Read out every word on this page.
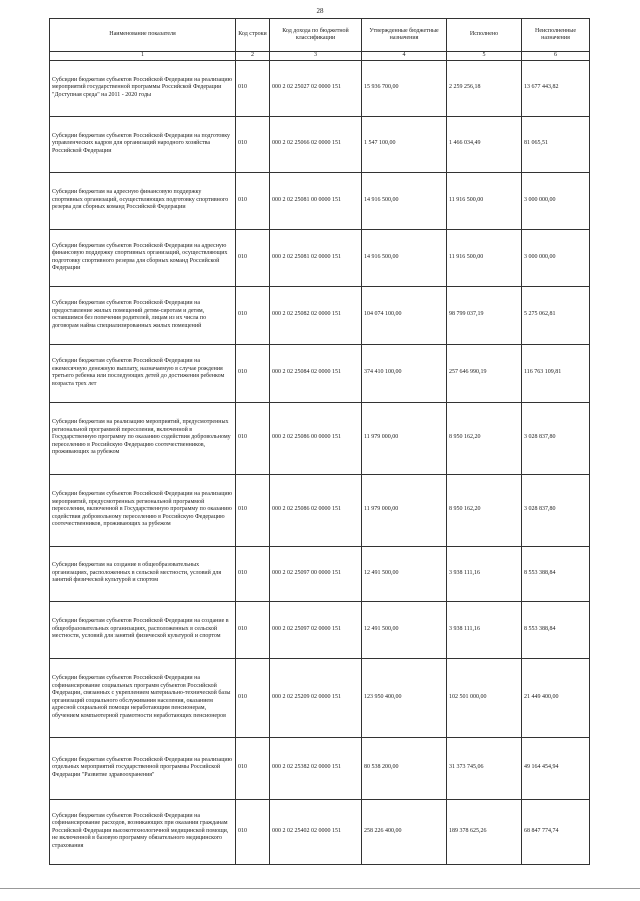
28
Наименование показателя	Код строки	Код дохода по бюджетной классификации	Утвержденные бюджетные назначения	Исполнено	Неисполненные назначения
1	2	3	4	5	6
Субсидии бюджетам субъектов Российской Федерации на реализацию мероприятий государственной программы Российской Федерации "Доступная среда" на 2011 - 2020 годы	010	000 2 02 25027 02 0000 151	15 936 700,00	2 259 256,18	13 677 443,82
Субсидии бюджетам субъектов Российской Федерации на подготовку управленческих кадров для организаций народного хозяйства Российской Федерации	010	000 2 02 25066 02 0000 151	1 547 100,00	1 466 034,49	81 065,51
Субсидии бюджетам на адресную финансовую поддержку спортивных организаций, осуществляющих подготовку спортивного резерва для сборных команд Российской Федерации	010	000 2 02 25081 00 0000 151	14 916 500,00	11 916 500,00	3 000 000,00
Субсидии бюджетам субъектов Российской Федерации на адресную финансовую поддержку спортивных организаций, осуществляющих подготовку спортивного резерва для сборных команд Российской Федерации	010	000 2 02 25081 02 0000 151	14 916 500,00	11 916 500,00	3 000 000,00
Субсидии бюджетам субъектов Российской Федерации на предоставление жилых помещений детям-сиротам и детям, оставшимся без попечения родителей, лицам из их числа по договорам найма специализированных жилых помещений	010	000 2 02 25082 02 0000 151	104 074 100,00	98 799 037,19	5 275 062,81
Субсидии бюджетам субъектов Российской Федерации на ежемесячную денежную выплату, назначаемую в случае рождения третьего ребенка или последующих детей до достижения ребенком возраста трех лет	010	000 2 02 25084 02 0000 151	374 410 100,00	257 646 990,19	116 763 109,81
Субсидии бюджетам на реализацию мероприятий, предусмотренных региональной программой переселения, включенной в Государственную программу по оказанию содействия добровольному переселению в Российскую Федерацию соотечественников, проживающих за рубежом	010	000 2 02 25086 00 0000 151	11 979 000,00	8 950 162,20	3 028 837,80
Субсидии бюджетам субъектов Российской Федерации на реализацию мероприятий, предусмотренных региональной программой переселения, включенной в Государственную программу по оказанию содействия добровольному переселению в Российскую Федерацию соотечественников, проживающих за рубежом	010	000 2 02 25086 02 0000 151	11 979 000,00	8 950 162,20	3 028 837,80
Субсидии бюджетам на создание в общеобразовательных организациях, расположенных в сельской местности, условий для занятий физической культурой и спортом	010	000 2 02 25097 00 0000 151	12 491 500,00	3 938 111,16	8 553 388,84
Субсидии бюджетам субъектов Российской Федерации на создание в общеобразовательных организациях, расположенных в сельской местности, условий для занятий физической культурой и спортом	010	000 2 02 25097 02 0000 151	12 491 500,00	3 938 111,16	8 553 388,84
Субсидии бюджетам субъектов Российской Федерации на софинансирование социальных программ субъектов Российской Федерации, связанных с укреплением материально-технической базы организаций социального обслуживания населения, оказанием адресной социальной помощи неработающим пенсионерам, обучением компьютерной грамотности неработающих пенсионеров	010	000 2 02 25209 02 0000 151	123 950 400,00	102 501 000,00	21 449 400,00
Субсидии бюджетам субъектов Российской Федерации на реализацию отдельных мероприятий государственной программы Российской Федерации "Развитие здравоохранения"	010	000 2 02 25382 02 0000 151	80 538 200,00	31 373 745,06	49 164 454,94
Субсидии бюджетам субъектов Российской Федерации на софинансирование расходов, возникающих при оказании гражданам Российской Федерации высокотехнологичной медицинской помощи, не включенной в базовую программу обязательного медицинского страхования	010	000 2 02 25402 02 0000 151	258 226 400,00	189 378 625,26	68 847 774,74
